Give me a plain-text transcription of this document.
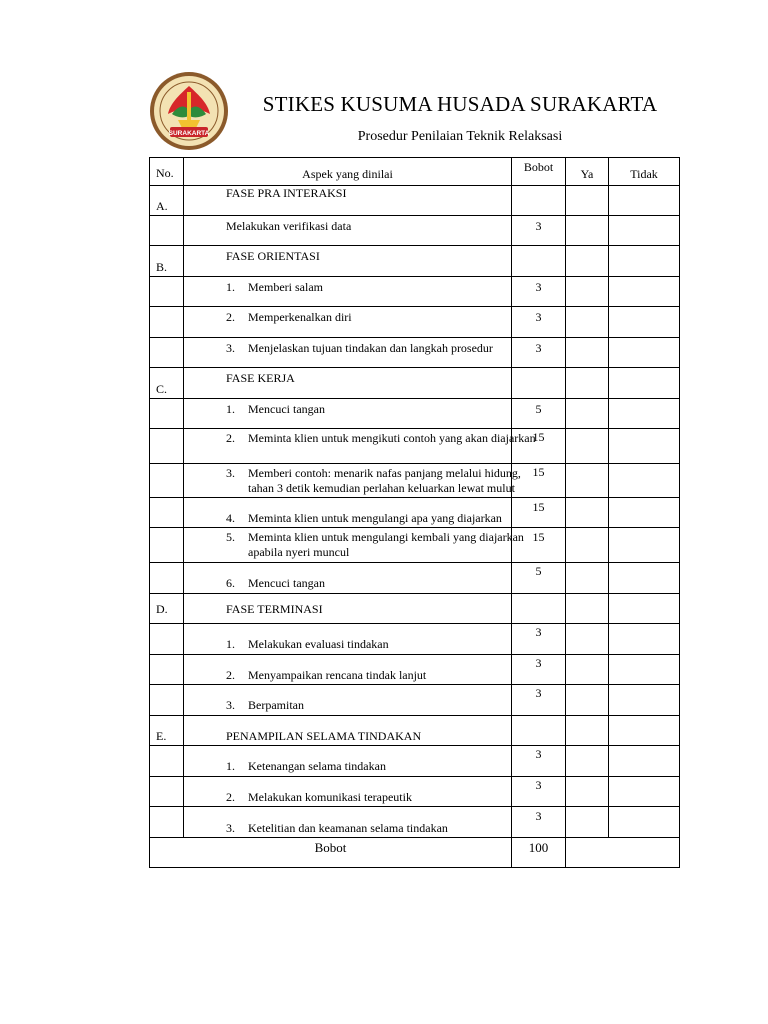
SURAKARTA
STIKES KUSUMA HUSADA SURAKARTA
Prosedur Penilaian Teknik Relaksasi
No.	Aspek yang dinilai	Bobot	Ya	Tidak

A.	FASE PRA INTERAKSI			

	Melakukan verifikasi data	3		

B.	FASE ORIENTASI			

	1. Memberi salam	3		

	2. Memperkenalkan diri	3		

	3. Menjelaskan tujuan tindakan dan langkah prosedur	3		

C.	FASE KERJA			

	1. Mencuci tangan	5		

	2. Meminta klien untuk mengikuti contoh yang akan diajarkan	15		

	3. Memberi contoh: menarik nafas panjang melalui hidung, tahan 3 detik kemudian perlahan keluarkan lewat mulut	15		

	4. Meminta klien untuk mengulangi apa yang diajarkan	15		

	5. Meminta klien untuk mengulangi kembali yang diajarkan apabila nyeri muncul	15		

	6. Mencuci tangan	5		

D.	FASE TERMINASI			

	1. Melakukan evaluasi tindakan	3		

	2. Menyampaikan rencana tindak lanjut	3		

	3. Berpamitan	3		

E.	PENAMPILAN SELAMA TINDAKAN			

	1. Ketenangan selama tindakan	3		

	2. Melakukan komunikasi terapeutik	3		

	3. Ketelitian dan keamanan selama tindakan	3		

Bobot		100		
